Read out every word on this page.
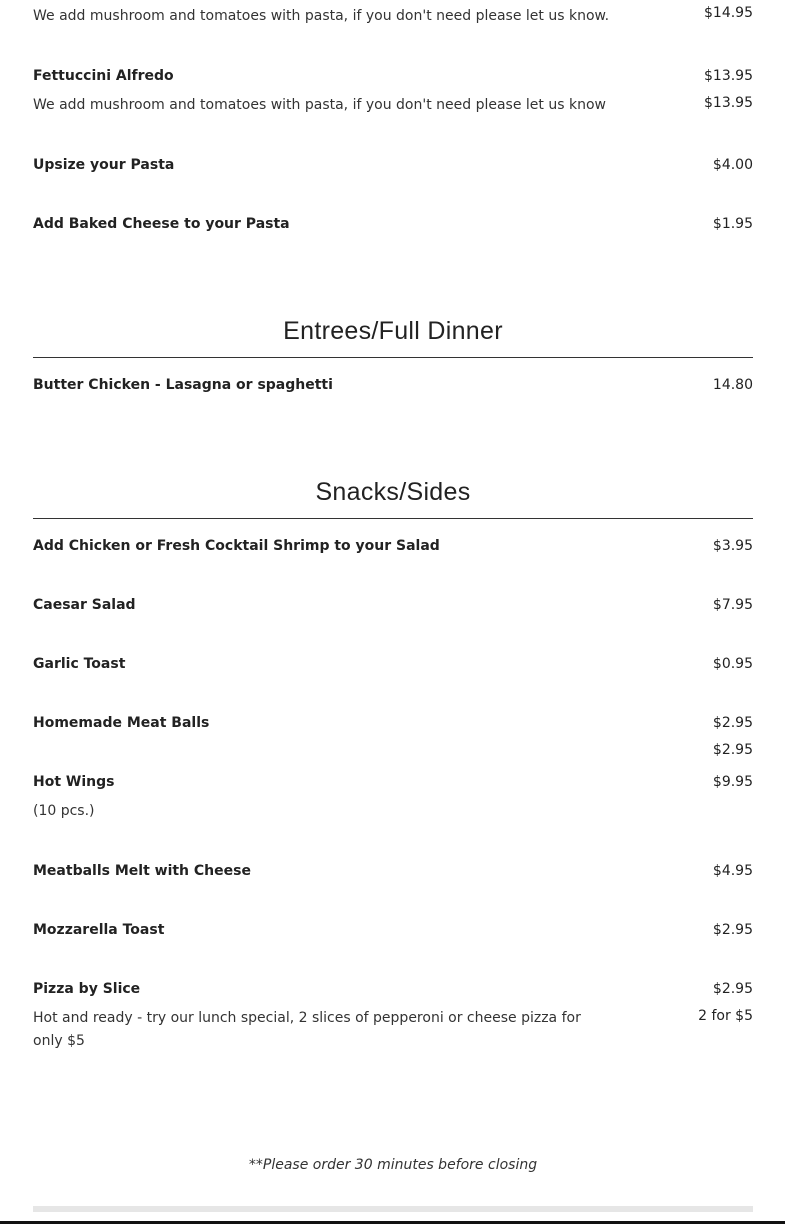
We add mushroom and tomatoes with pasta, if you don't need please let us know.	$14.95
Fettuccini Alfredo	$13.95
We add mushroom and tomatoes with pasta, if you don't need please let us know	$13.95
Upsize your Pasta	$4.00
Add Baked Cheese to your Pasta	$1.95
Entrees/Full Dinner
Butter Chicken - Lasagna or spaghetti	14.80
Snacks/Sides
Add Chicken or Fresh Cocktail Shrimp to your Salad	$3.95
Caesar Salad	$7.95
Garlic Toast	$0.95
Homemade Meat Balls	$2.95
$2.95
Hot Wings	$9.95
(10 pcs.)
Meatballs Melt with Cheese	$4.95
Mozzarella Toast	$2.95
Pizza by Slice	$2.95
Hot and ready - try our lunch special, 2 slices of pepperoni or cheese pizza for only $5
2 for $5
**Please order 30 minutes before closing
